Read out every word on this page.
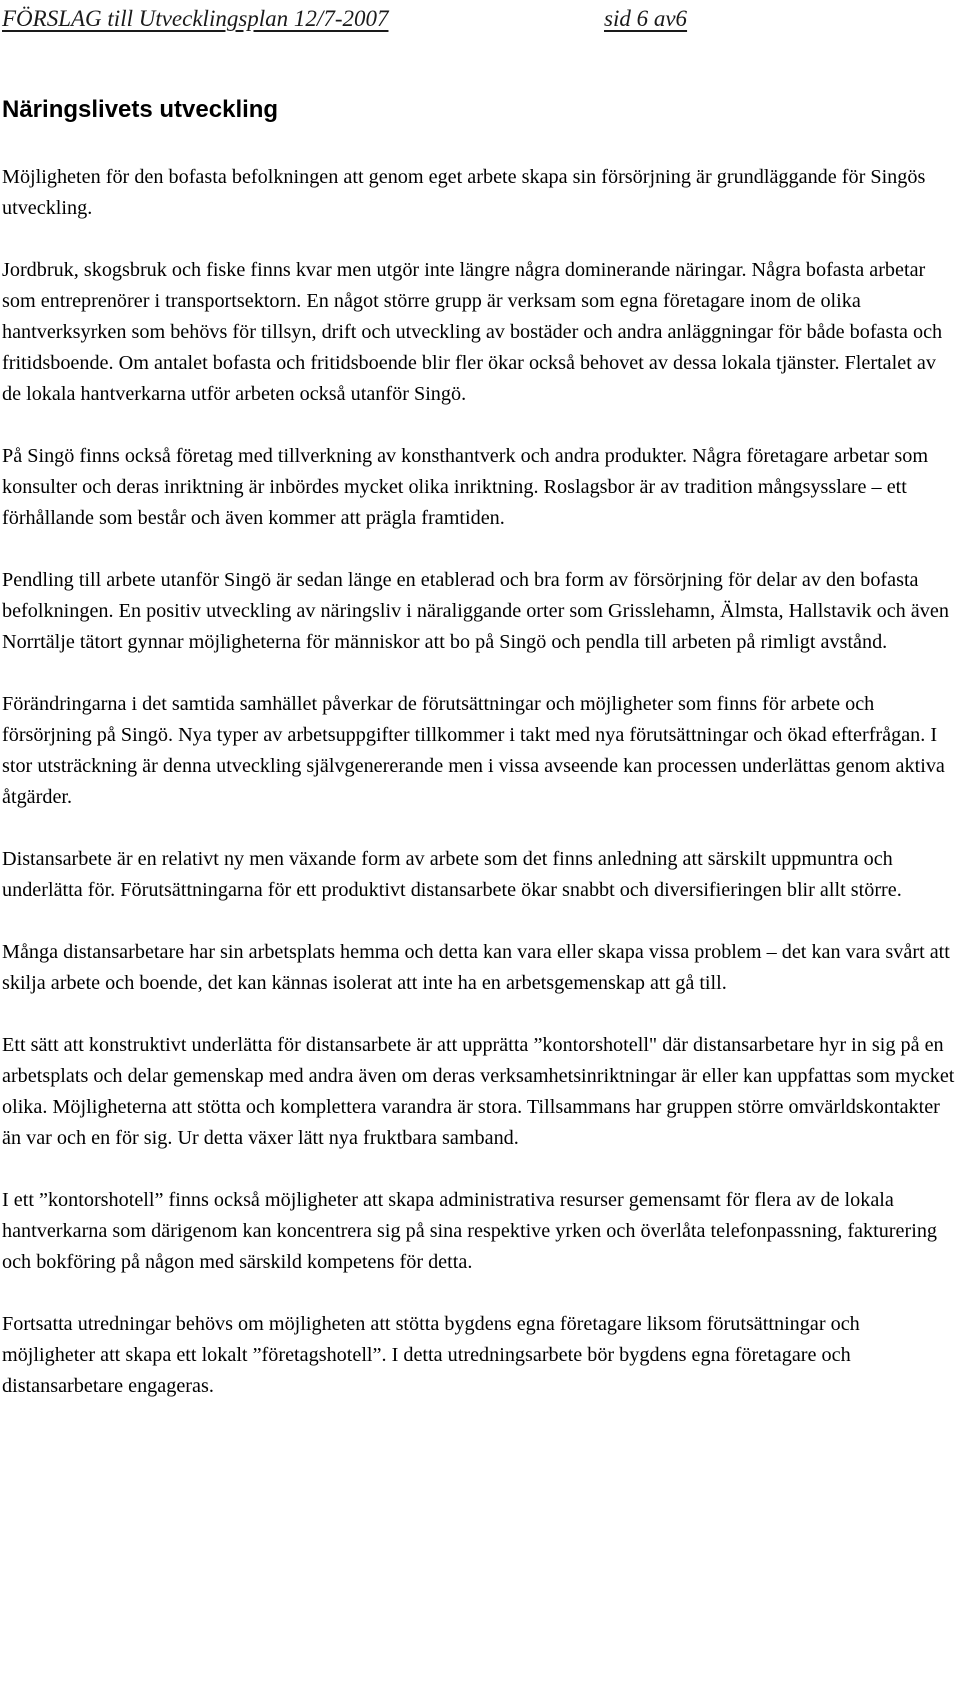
FÖRSLAG till Utvecklingsplan 12/7-2007	sid 6 av6
Näringslivets utveckling

Möjligheten för den bofasta befolkningen att genom eget arbete skapa sin försörjning är grundläggande för Singös utveckling.

Jordbruk, skogsbruk och fiske finns kvar men utgör inte längre några dominerande näringar. Några bofasta arbetar som entreprenörer i transportsektorn. En något större grupp är verksam som egna företagare inom de olika hantverksyrken som behövs för tillsyn, drift och utveckling av bostäder och andra anläggningar för både bofasta och fritidsboende. Om antalet bofasta och fritidsboende blir fler ökar också behovet av dessa lokala tjänster. Flertalet av de lokala hantverkarna utför arbeten också utanför Singö.

På Singö finns också företag med tillverkning av konsthantverk och andra produkter. Några företagare arbetar som konsulter och deras inriktning är inbördes mycket olika inriktning. Roslagsbor är av tradition mångsysslare – ett förhållande som består och även kommer att prägla framtiden.

Pendling till arbete utanför Singö är sedan länge en etablerad och bra form av försörjning för delar av den bofasta befolkningen. En positiv utveckling av näringsliv i näraliggande orter som Grisslehamn, Älmsta, Hallstavik och även Norrtälje tätort gynnar möjligheterna för människor att bo på Singö och pendla till arbeten på rimligt avstånd.

Förändringarna i det samtida samhället påverkar de förutsättningar och möjligheter som finns för arbete och försörjning på Singö. Nya typer av arbetsuppgifter tillkommer i takt med nya förutsättningar och ökad efterfrågan. I stor utsträckning är denna utveckling självgenererande men i vissa avseende kan processen underlättas genom aktiva åtgärder.

Distansarbete är en relativt ny men växande form av arbete som det finns anledning att särskilt uppmuntra och underlätta för. Förutsättningarna för ett produktivt distansarbete ökar snabbt och diversifieringen blir allt större.

Många distansarbetare har sin arbetsplats hemma och detta kan vara eller skapa vissa problem – det kan vara svårt att skilja arbete och boende, det kan kännas isolerat att inte ha en arbetsgemenskap att gå till.

Ett sätt att konstruktivt underlätta för distansarbete är att upprätta ”kontorshotell" där distansarbetare hyr in sig på en arbetsplats och delar gemenskap med andra även om deras verksamhetsinriktningar är eller kan uppfattas som mycket olika. Möjligheterna att stötta och komplettera varandra är stora. Tillsammans har gruppen större omvärldskontakter än var och en för sig. Ur detta växer lätt nya fruktbara samband.

I ett ”kontorshotell” finns också möjligheter att skapa administrativa resurser gemensamt för flera av de lokala hantverkarna som därigenom kan koncentrera sig på sina respektive yrken och överlåta telefonpassning, fakturering och bokföring på någon med särskild kompetens för detta.

Fortsatta utredningar behövs om möjligheten att stötta bygdens egna företagare liksom förutsättningar och möjligheter att skapa ett lokalt ”företagshotell”. I detta utredningsarbete bör bygdens egna företagare och distansarbetare engageras.
